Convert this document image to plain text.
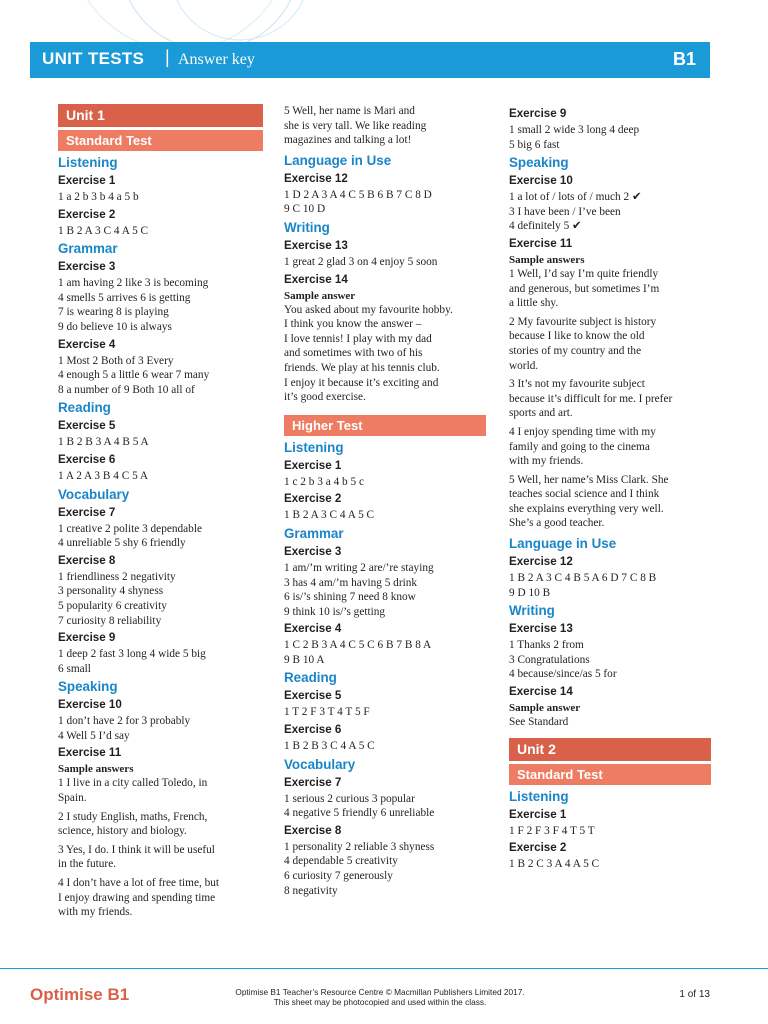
UNIT TESTS | Answer key	B1
Unit 1
Standard Test
Listening
Exercise 1
1 a 2 b 3 b 4 a 5 b
Exercise 2
1 B 2 A 3 C 4 A 5 C
Grammar
Exercise 3
1 am having 2 like 3 is becoming
4 smells 5 arrives 6 is getting
7 is wearing 8 is playing
9 do believe 10 is always
Exercise 4
1 Most 2 Both of 3 Every
4 enough 5 a little 6 wear 7 many
8 a number of 9 Both 10 all of
Reading
Exercise 5
1 B 2 B 3 A 4 B 5 A
Exercise 6
1 A 2 A 3 B 4 C 5 A
Vocabulary
Exercise 7
1 creative 2 polite 3 dependable
4 unreliable 5 shy 6 friendly
Exercise 8
1 friendliness 2 negativity
3 personality 4 shyness
5 popularity 6 creativity
7 curiosity 8 reliability
Exercise 9
1 deep 2 fast 3 long 4 wide 5 big
6 small
Speaking
Exercise 10
1 don’t have 2 for 3 probably
4 Well 5 I’d say
Exercise 11
Sample answers
1 I live in a city called Toledo, in
Spain.
2 I study English, maths, French,
science, history and biology.
3 Yes, I do. I think it will be useful
in the future.
4 I don’t have a lot of free time, but
I enjoy drawing and spending time
with my friends.
5 Well, her name is Mari and
she is very tall. We like reading
magazines and talking a lot!
Language in Use
Exercise 12
1 D 2 A 3 A 4 C 5 B 6 B 7 C 8 D
9 C 10 D
Writing
Exercise 13
1 great 2 glad 3 on 4 enjoy 5 soon
Exercise 14
Sample answer
You asked about my favourite hobby.
I think you know the answer –
I love tennis! I play with my dad
and sometimes with two of his
friends. We play at his tennis club.
I enjoy it because it’s exciting and
it’s good exercise.
Higher Test
Listening
Exercise 1
1 c 2 b 3 a 4 b 5 c
Exercise 2
1 B 2 A 3 C 4 A 5 C
Grammar
Exercise 3
1 am/’m writing 2 are/’re staying
3 has 4 am/’m having 5 drink
6 is/’s shining 7 need 8 know
9 think 10 is/’s getting
Exercise 4
1 C 2 B 3 A 4 C 5 C 6 B 7 B 8 A
9 B 10 A
Reading
Exercise 5
1 T 2 F 3 T 4 T 5 F
Exercise 6
1 B 2 B 3 C 4 A 5 C
Vocabulary
Exercise 7
1 serious 2 curious 3 popular
4 negative 5 friendly 6 unreliable
Exercise 8
1 personality 2 reliable 3 shyness
4 dependable 5 creativity
6 curiosity 7 generously
8 negativity
Exercise 9
1 small 2 wide 3 long 4 deep
5 big 6 fast
Speaking
Exercise 10
1 a lot of / lots of / much 2 ✔
3 I have been / I’ve been
4 definitely 5 ✔
Exercise 11
Sample answers
1 Well, I’d say I’m quite friendly
and generous, but sometimes I’m
a little shy.
2 My favourite subject is history
because I like to know the old
stories of my country and the
world.
3 It’s not my favourite subject
because it’s difficult for me. I prefer
sports and art.
4 I enjoy spending time with my
family and going to the cinema
with my friends.
5 Well, her name’s Miss Clark. She
teaches social science and I think
she explains everything very well.
She’s a good teacher.
Language in Use
Exercise 12
1 B 2 A 3 C 4 B 5 A 6 D 7 C 8 B
9 D 10 B
Writing
Exercise 13
1 Thanks 2 from
3 Congratulations
4 because/since/as 5 for
Exercise 14
Sample answer
See Standard
Unit 2
Standard Test
Listening
Exercise 1
1 F 2 F 3 F 4 T 5 T
Exercise 2
1 B 2 C 3 A 4 A 5 C
Optimise B1	Optimise B1 Teacher’s Resource Centre © Macmillan Publishers Limited 2017.
This sheet may be photocopied and used within the class.
1 of 13
